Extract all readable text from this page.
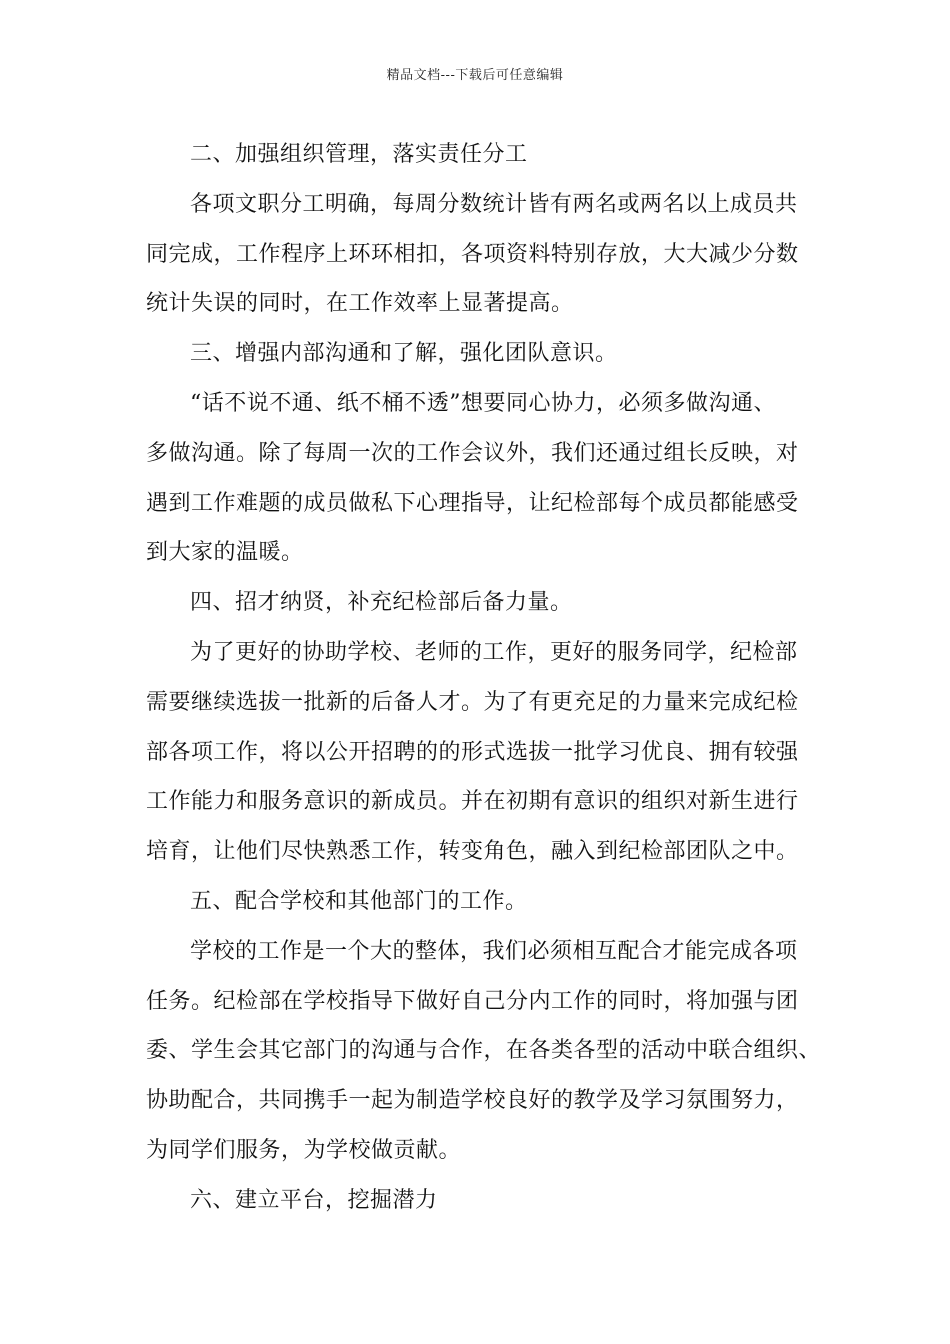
精品文档---下载后可任意编辑
二、加强组织管理，落实责任分工
各项文职分工明确，每周分数统计皆有两名或两名以上成员共
同完成，工作程序上环环相扣，各项资料特别存放，大大减少分数
统计失误的同时，在工作效率上显著提高。
三、增强内部沟通和了解，强化团队意识。
“话不说不通、纸不桶不透”想要同心协力，必须多做沟通、
多做沟通。除了每周一次的工作会议外，我们还通过组长反映，对
遇到工作难题的成员做私下心理指导，让纪检部每个成员都能感受
到大家的温暖。
四、招才纳贤，补充纪检部后备力量。
为了更好的协助学校、老师的工作，更好的服务同学，纪检部
需要继续选拔一批新的后备人才。为了有更充足的力量来完成纪检
部各项工作，将以公开招聘的的形式选拔一批学习优良、拥有较强
工作能力和服务意识的新成员。并在初期有意识的组织对新生进行
培育，让他们尽快熟悉工作，转变角色，融入到纪检部团队之中。
五、配合学校和其他部门的工作。
学校的工作是一个大的整体，我们必须相互配合才能完成各项
任务。纪检部在学校指导下做好自己分内工作的同时，将加强与团
委、学生会其它部门的沟通与合作，在各类各型的活动中联合组织、
协助配合，共同携手一起为制造学校良好的教学及学习氛围努力，
为同学们服务，为学校做贡献。
六、建立平台，挖掘潜力
